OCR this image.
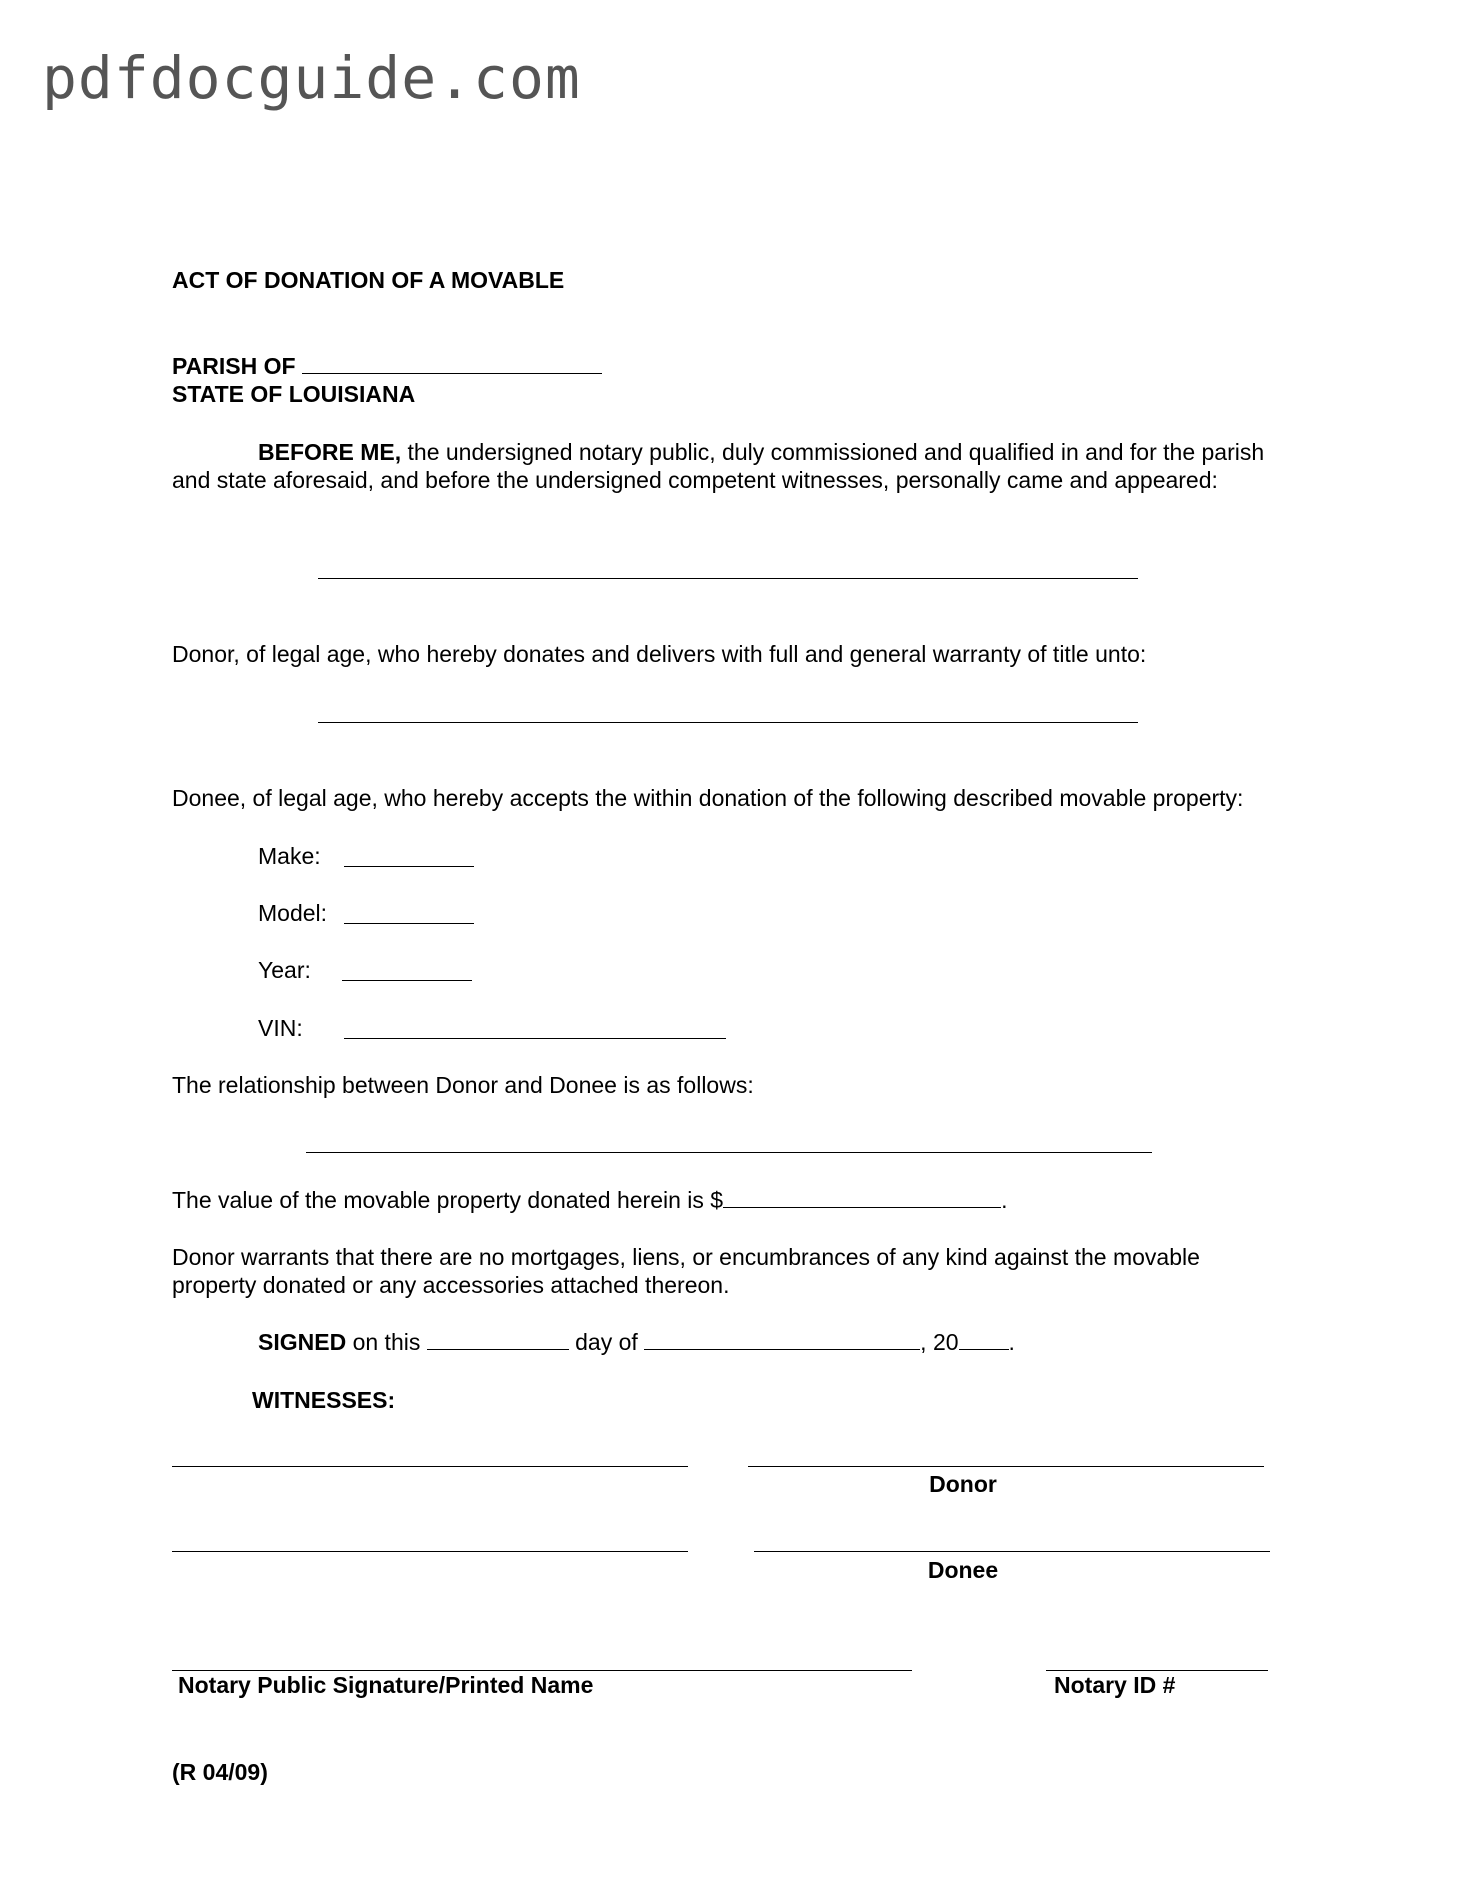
pdfdocguide.com
ACT OF DONATION OF A MOVABLE
PARISH OF
STATE OF LOUISIANA
BEFORE ME, the undersigned notary public, duly commissioned and qualified in and for the parish and state aforesaid, and before the undersigned competent witnesses, personally came and appeared:
Donor, of legal age, who hereby donates and delivers with full and general warranty of title unto:
Donee, of legal age, who hereby accepts the within donation of the following described movable property:
Make:
Model:
Year:
VIN:
The relationship between Donor and Donee is as follows:
The value of the movable property donated herein is $	.
Donor warrants that there are no mortgages, liens, or encumbrances of any kind against the movable property donated or any accessories attached thereon.
SIGNED on this	day of	, 20 .
WITNESSES:
Donor
Donee
Notary Public Signature/Printed Name	Notary ID #
(R 04/09)
